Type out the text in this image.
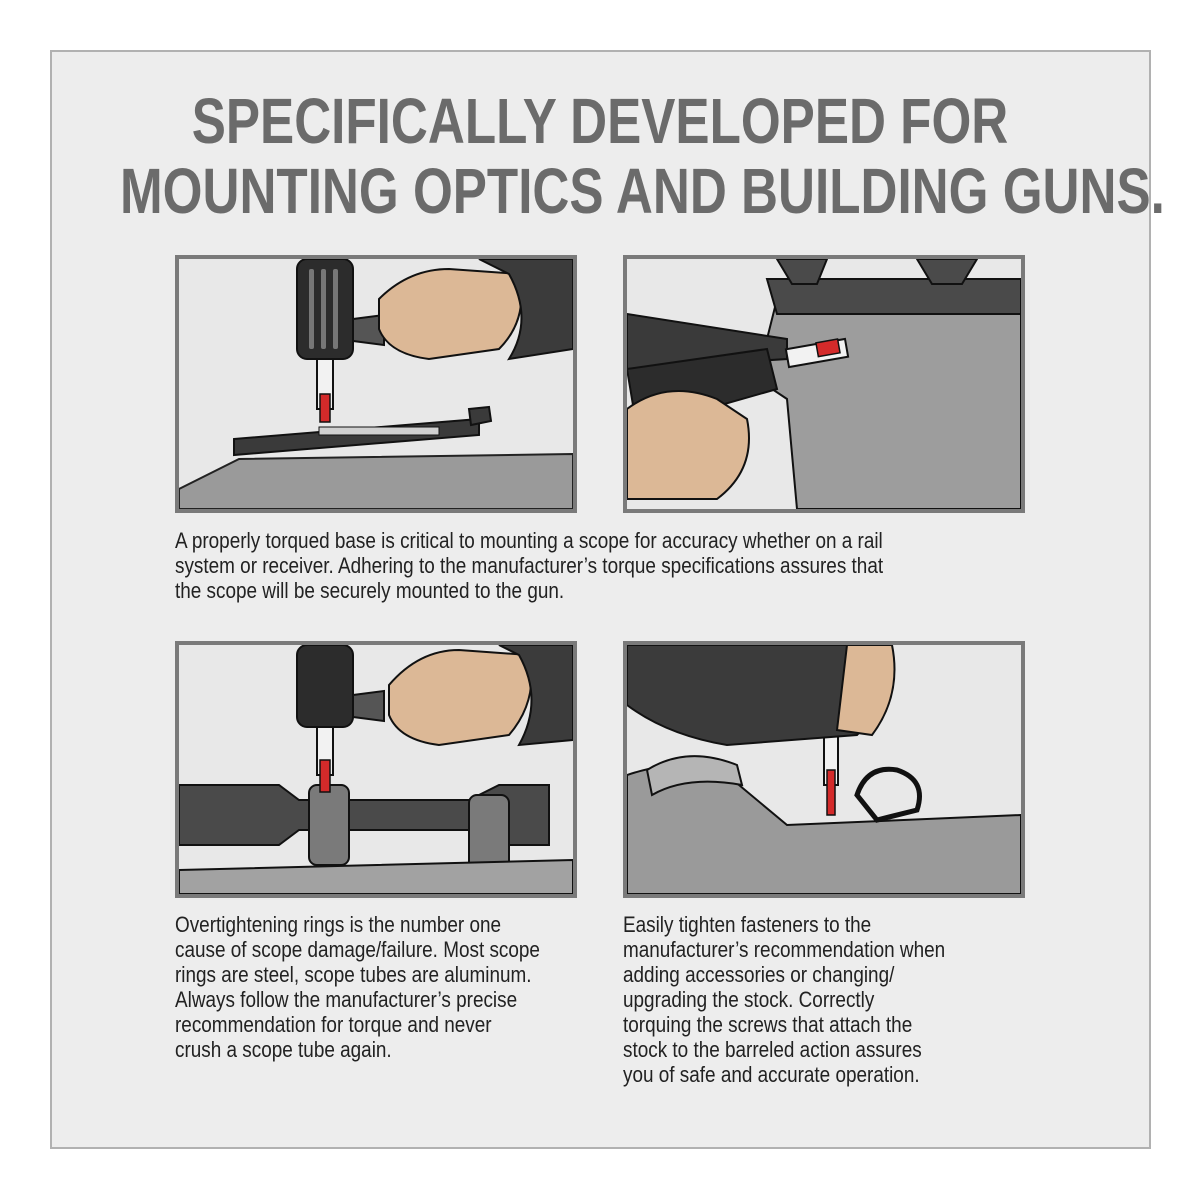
SPECIFICALLY DEVELOPED FOR
MOUNTING OPTICS AND BUILDING GUNS.

A properly torqued base is critical to mounting a scope for accuracy whether on a rail
system or receiver. Adhering to the manufacturer’s torque specifications assures that
the scope will be securely mounted to the gun.

Overtightening rings is the number one
cause of scope damage/failure. Most scope
rings are steel, scope tubes are aluminum.
Always follow the manufacturer’s precise
recommendation for torque and never
crush a scope tube again.

Easily tighten fasteners to the
manufacturer’s recommendation when
adding accessories or changing/
upgrading the stock. Correctly
torquing the screws that attach the
stock to the barreled action assures
you of safe and accurate operation.
